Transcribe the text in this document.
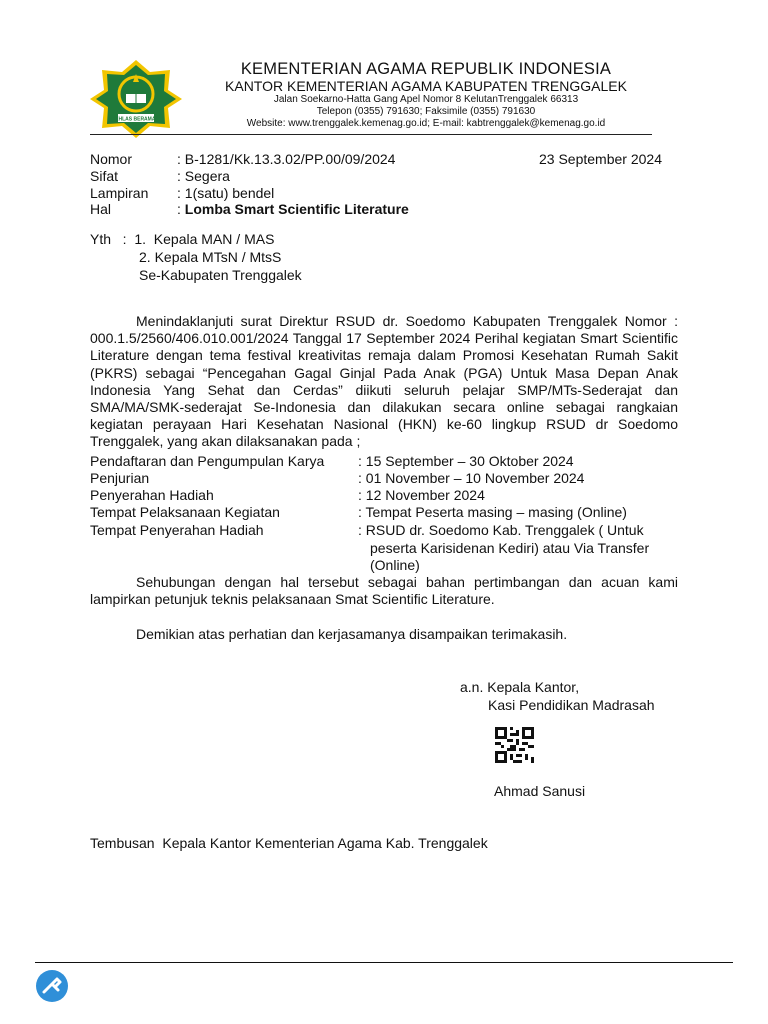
IKHLAS BERAMAL
KEMENTERIAN AGAMA REPUBLIK INDONESIA
KANTOR KEMENTERIAN AGAMA KABUPATEN TRENGGALEK
Jalan Soekarno-Hatta Gang Apel Nomor 8 KelutanTrenggalek 66313
Telepon (0355) 791630; Faksimile (0355) 791630
Website: www.trenggalek.kemenag.go.id; E-mail: kabtrenggalek@kemenag.go.id
Nomor	: B-1281/Kk.13.3.02/PP.00/09/2024	23 September 2024
Sifat	: Segera
Lampiran : 1(satu) bendel
Hal	: Lomba Smart Scientific Literature
Yth   :  1.  Kepala MAN / MAS
2. Kepala MTsN / MtsS
Se-Kabupaten Trenggalek
Menindaklanjuti surat Direktur RSUD dr. Soedomo Kabupaten Trenggalek Nomor : 000.1.5/2560/406.010.001/2024 Tanggal 17 September 2024 Perihal kegiatan Smart Scientific Literature dengan tema festival kreativitas remaja dalam Promosi Kesehatan Rumah Sakit (PKRS) sebagai “Pencegahan Gagal Ginjal Pada Anak (PGA) Untuk Masa Depan Anak Indonesia Yang Sehat dan Cerdas” diikuti seluruh pelajar SMP/MTs-Sederajat dan SMA/MA/SMK-sederajat Se-Indonesia dan dilakukan secara online sebagai rangkaian kegiatan perayaan Hari Kesehatan Nasional (HKN) ke-60 lingkup RSUD dr Soedomo Trenggalek, yang akan dilaksanakan pada ;
Pendaftaran dan Pengumpulan Karya : 15 September – 30 Oktober 2024
Penjurian	: 01 November – 10 November 2024
Penyerahan Hadiah	: 12 November 2024
Tempat Pelaksanaan Kegiatan	: Tempat Peserta masing – masing (Online)
Tempat Penyerahan Hadiah	: RSUD dr. Soedomo Kab. Trenggalek ( Untuk
peserta Karisidenan Kediri) atau Via Transfer
(Online)
Sehubungan dengan hal tersebut sebagai bahan pertimbangan dan acuan kami lampirkan petunjuk teknis pelaksanaan Smat Scientific Literature.
Demikian atas perhatian dan kerjasamanya disampaikan terimakasih.
a.n. Kepala Kantor,
Kasi Pendidikan Madrasah
Ahmad Sanusi
Tembusan  Kepala Kantor Kementerian Agama Kab. Trenggalek
